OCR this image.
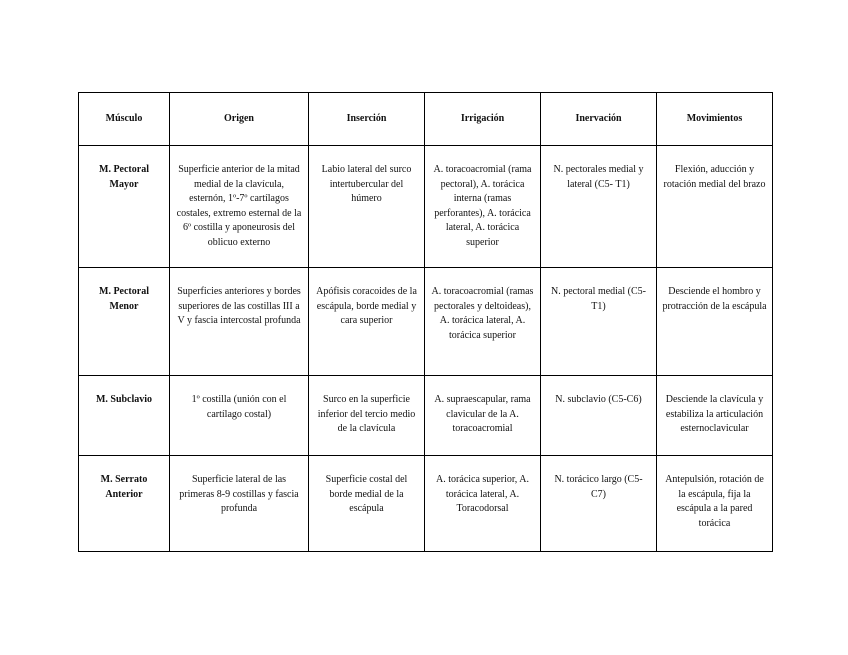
Músculo	Origen	Inserción	Irrigación	Inervación	Movimientos
M. Pectoral Mayor	Superficie anterior de la mitad medial de la clavícula, esternón, 1º-7º cartílagos costales, extremo esternal de la 6º costilla y aponeurosis del oblicuo externo	Labio lateral del surco intertubercular del húmero	A. toracoacromial (rama pectoral), A. torácica interna (ramas perforantes), A. torácica lateral, A. torácica superior	N. pectorales medial y lateral (C5- T1)	Flexión, aducción y rotación medial del brazo
M. Pectoral Menor	Superficies anteriores y bordes superiores de las costillas III a V y fascia intercostal profunda	Apófisis coracoides de la escápula, borde medial y cara superior	A. toracoacromial (ramas pectorales y deltoideas), A. torácica lateral, A. torácica superior	N. pectoral medial (C5- T1)	Desciende el hombro y protracción de la escápula
M. Subclavio	1º costilla (unión con el cartílago costal)	Surco en la superficie inferior del tercio medio de la clavícula	A. supraescapular, rama clavicular de la A. toracoacromial	N. subclavio (C5-C6)	Desciende la clavícula y estabiliza la articulación esternoclavicular
M. Serrato Anterior	Superficie lateral de las primeras 8-9 costillas y fascia profunda	Superficie costal del borde medial de la escápula	A. torácica superior, A. torácica lateral, A. Toracodorsal	N. torácico largo (C5- C7)	Antepulsión, rotación de la escápula, fija la escápula a la pared torácica
